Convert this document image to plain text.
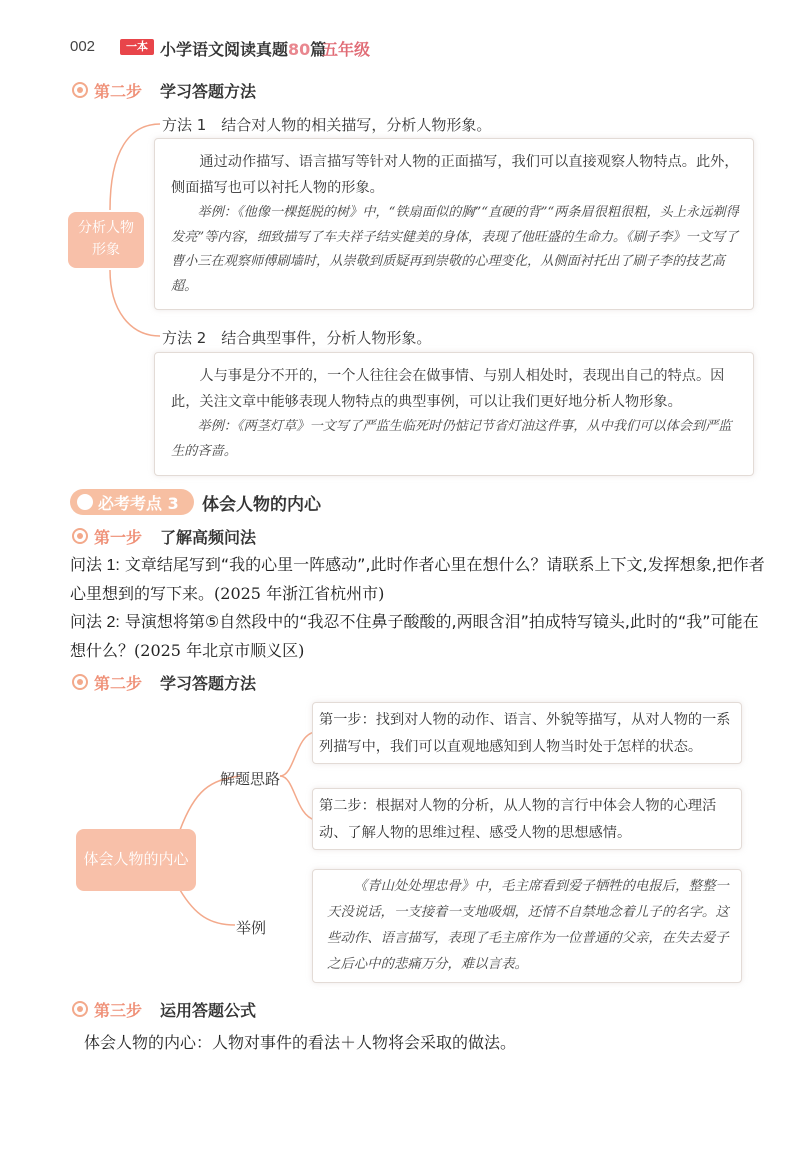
002	一本 小学语文阅读真题80篇
五年级
第二步 学习答题方法
分析人物形象
方法 1　结合对人物的相关描写，分析人物形象。

通过动作描写、语言描写等针对人物的正面描写，我们可以直接观察人物特点。此外，侧面描写也可以衬托人物的形象。

举例：《他像一棵挺脱的树》中，“铁扇面似的胸”“直硬的背”“两条眉很粗很粗，头上永远剃得发亮”等内容，细致描写了车夫祥子结实健美的身体，表现了他旺盛的生命力。《刷子李》一文写了曹小三在观察师傅刷墙时，从崇敬到质疑再到崇敬的心理变化，从侧面衬托出了刷子李的技艺高超。

方法 2　结合典型事件，分析人物形象。

人与事是分不开的，一个人往往会在做事情、与别人相处时，表现出自己的特点。因此，关注文章中能够表现人物特点的典型事例，可以让我们更好地分析人物形象。

举例：《两茎灯草》一文写了严监生临死时仍惦记节省灯油这件事，从中我们可以体会到严监生的吝啬。

必考考点 3 体会人物的内心
第一步 了解高频问法
问法 1: 文章结尾写到“我的心里一阵感动”,此时作者心里在想什么？请联系上下文,发挥想象,把作者心里想到的写下来。(2025 年浙江省杭州市)
问法 2: 导演想将第⑤自然段中的“我忍不住鼻子酸酸的,两眼含泪”拍成特写镜头,此时的“我”可能在想什么？(2025 年北京市顺义区)
第二步 学习答题方法
体会人物的内心
解题思路
举例

第一步：找到对人物的动作、语言、外貌等描写，从对人物的一系列描写中，我们可以直观地感知到人物当时处于怎样的状态。

第二步：根据对人物的分析，从人物的言行中体会人物的心理活动、了解人物的思维过程、感受人物的思想感情。

《青山处处埋忠骨》中，毛主席看到爱子牺牲的电报后，整整一天没说话，一支接着一支地吸烟，还情不自禁地念着儿子的名字。这些动作、语言描写，表现了毛主席作为一位普通的父亲，在失去爱子之后心中的悲痛万分，难以言表。

第三步 运用答题公式
体会人物的内心：人物对事件的看法＋人物将会采取的做法。
